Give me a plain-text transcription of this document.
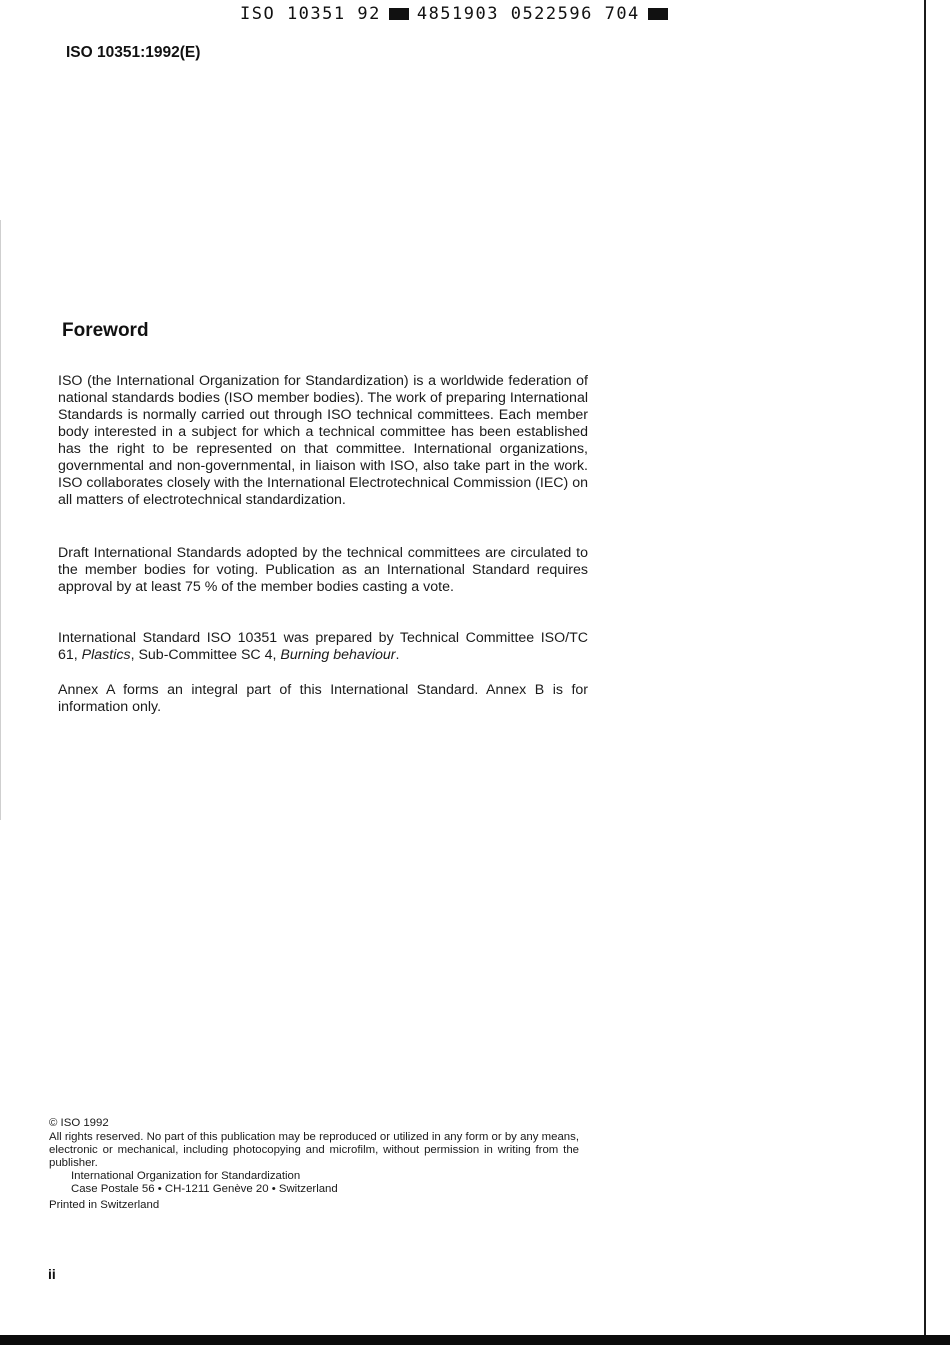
ISO 10351 92 4851903 0522596 704
ISO 10351:1992(E)
Foreword

ISO (the International Organization for Standardization) is a worldwide federation of national standards bodies (ISO member bodies). The work of preparing International Standards is normally carried out through ISO technical committees. Each member body interested in a subject for which a technical committee has been established has the right to be represented on that committee. International organizations, governmental and non-governmental, in liaison with ISO, also take part in the work. ISO collaborates closely with the International Electrotechnical Commission (IEC) on all matters of electrotechnical standardization.

Draft International Standards adopted by the technical committees are circulated to the member bodies for voting. Publication as an International Standard requires approval by at least 75 % of the member bodies casting a vote.

International Standard ISO 10351 was prepared by Technical Committee ISO/TC 61, Plastics, Sub-Committee SC 4, Burning behaviour.

Annex A forms an integral part of this International Standard. Annex B is for information only.

© ISO 1992
All rights reserved. No part of this publication may be reproduced or utilized in any form or by any means, electronic or mechanical, including photocopying and microfilm, without permission in writing from the publisher.
International Organization for Standardization
Case Postale 56 • CH-1211 Genève 20 • Switzerland
Printed in Switzerland
ii
